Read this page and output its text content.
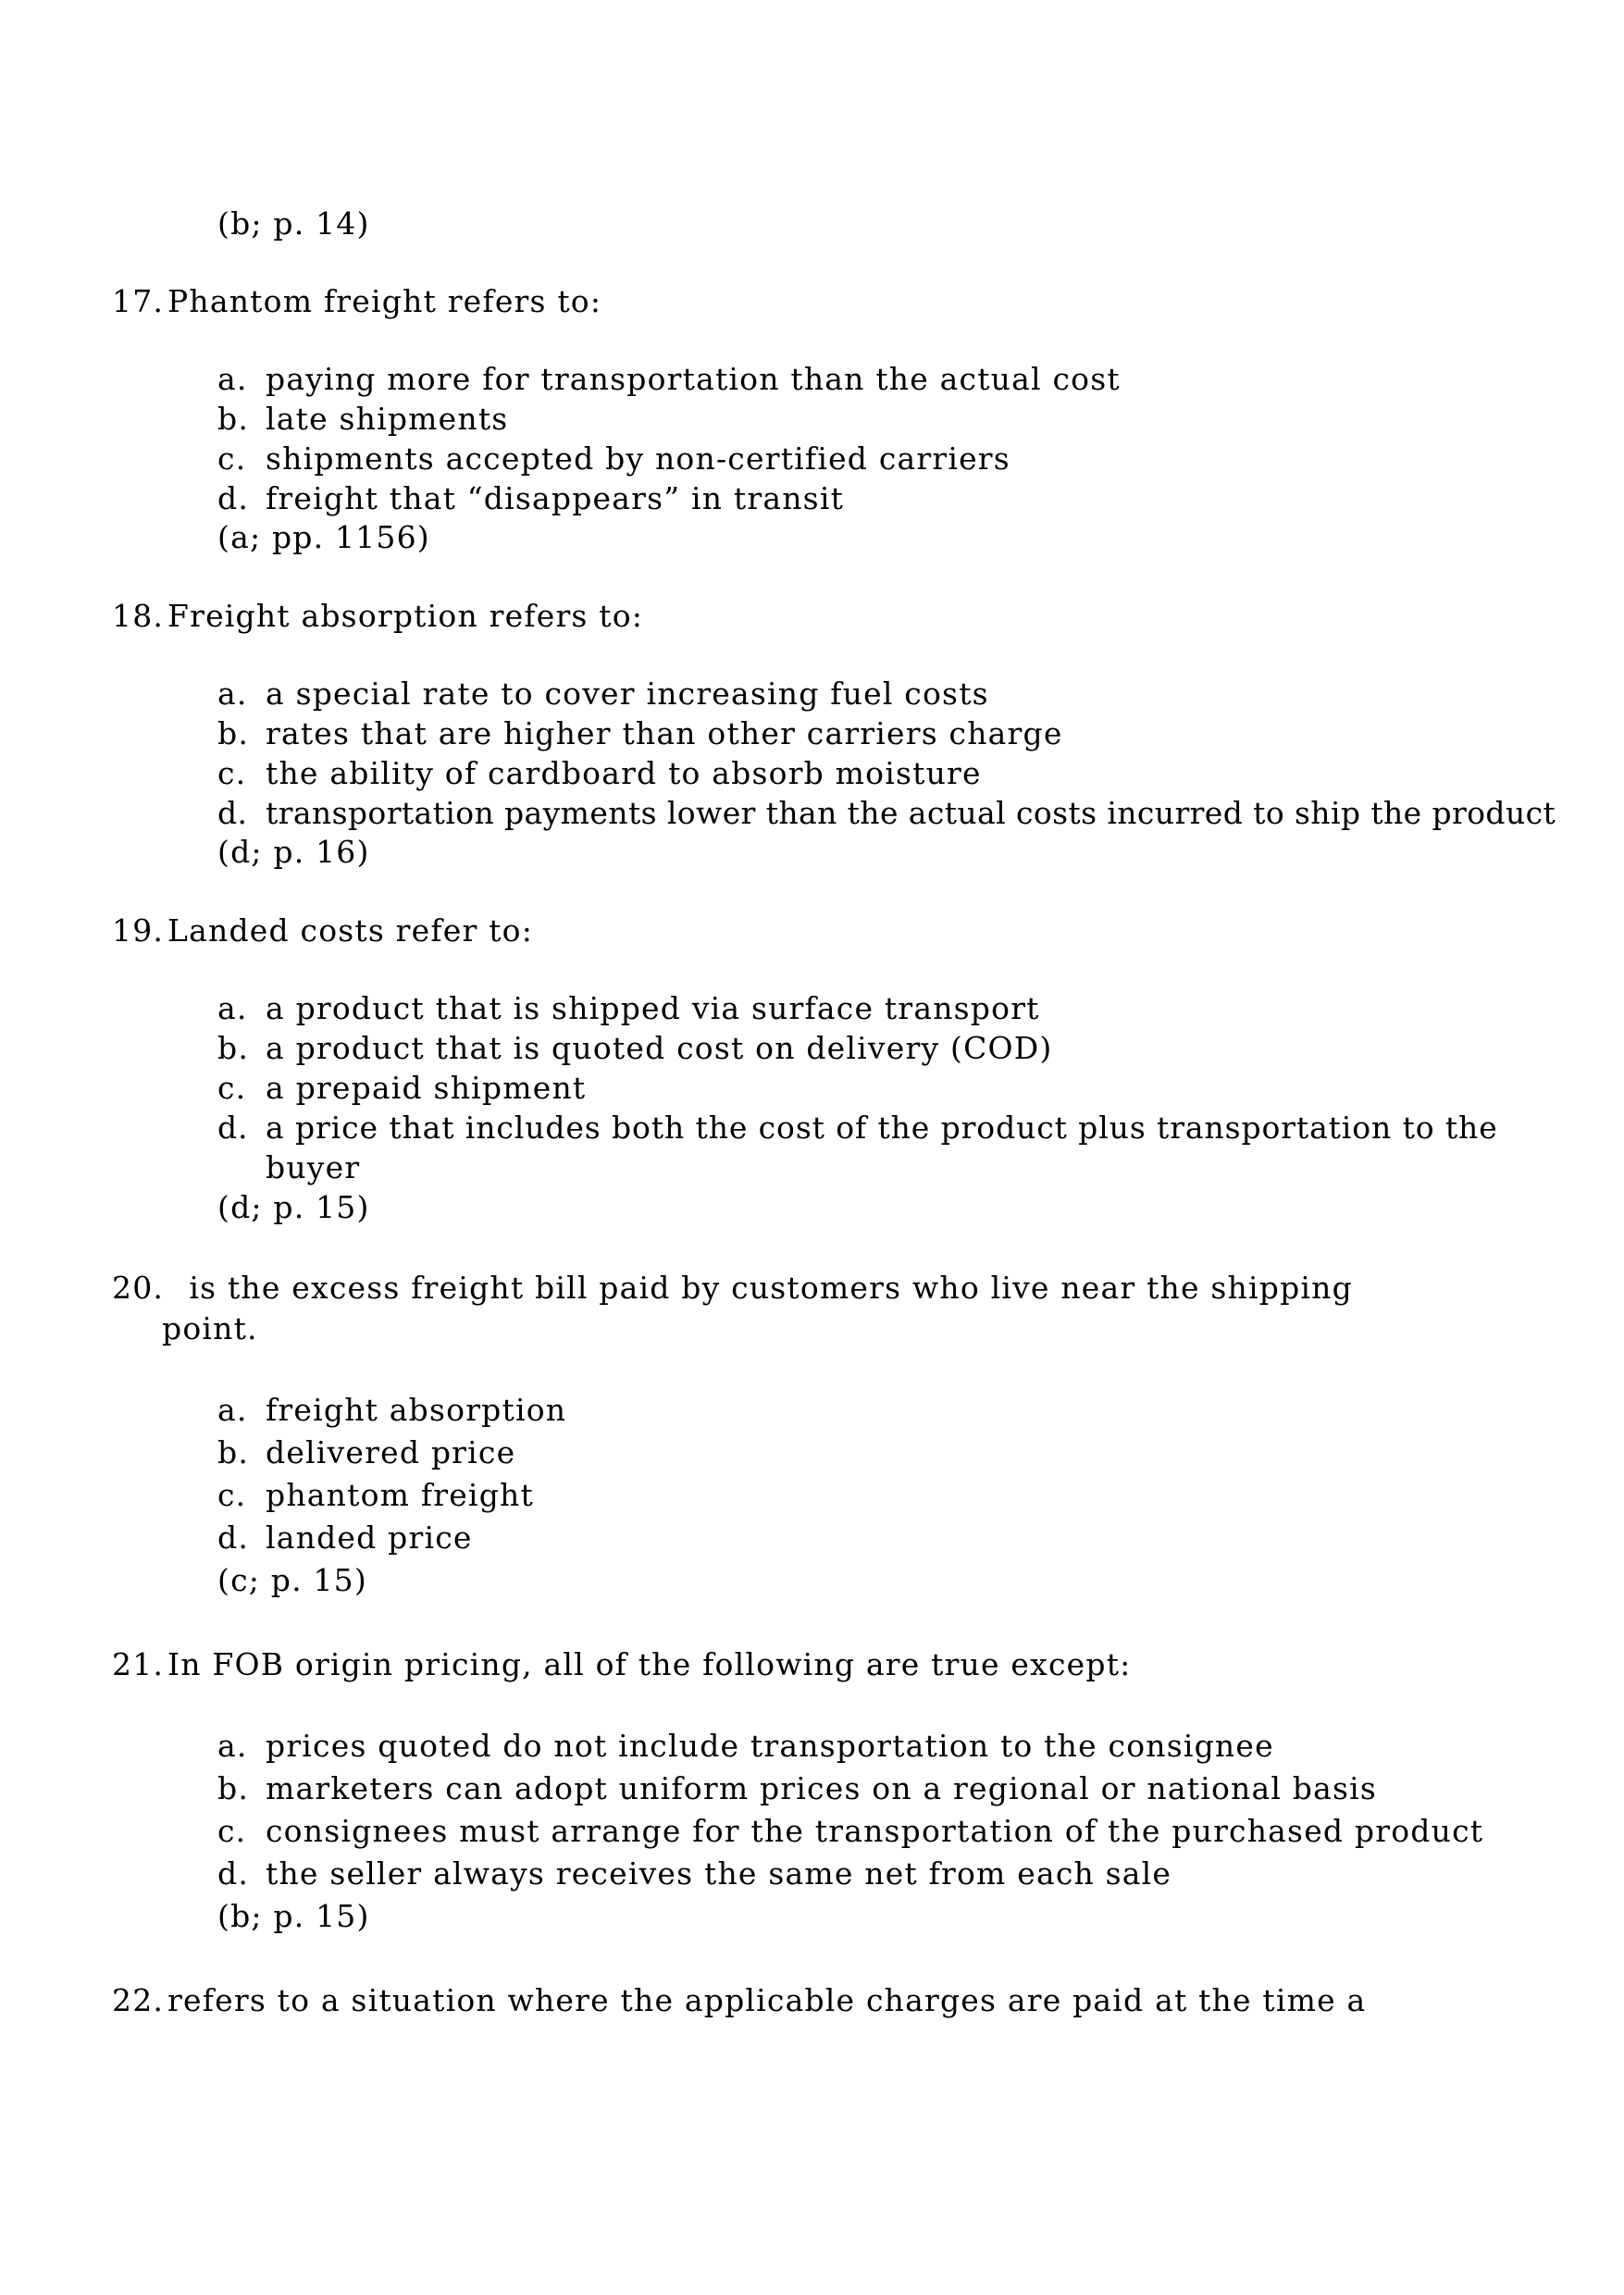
(b; p. 14)
17. Phantom freight refers to:
a. paying more for transportation than the actual cost
b. late shipments
c. shipments accepted by non-certified carriers
d. freight that “disappears” in transit
(a; pp. 1156)
18. Freight absorption refers to:
a. a special rate to cover increasing fuel costs
b. rates that are higher than other carriers charge
c. the ability of cardboard to absorb moisture
d. transportation payments lower than the actual costs incurred to ship the product
(d; p. 16)
19. Landed costs refer to:
a. a product that is shipped via surface transport
b. a product that is quoted cost on delivery (COD)
c. a prepaid shipment
d. a price that includes both the cost of the product plus transportation to the
buyer
(d; p. 15)
20.  is the excess freight bill paid by customers who live near the shipping
point.
a. freight absorption
b. delivered price
c. phantom freight
d. landed price
(c; p. 15)
21. In FOB origin pricing, all of the following are true except:
a. prices quoted do not include transportation to the consignee
b. marketers can adopt uniform prices on a regional or national basis
c. consignees must arrange for the transportation of the purchased product
d. the seller always receives the same net from each sale
(b; p. 15)
22. refers to a situation where the applicable charges are paid at the time a
